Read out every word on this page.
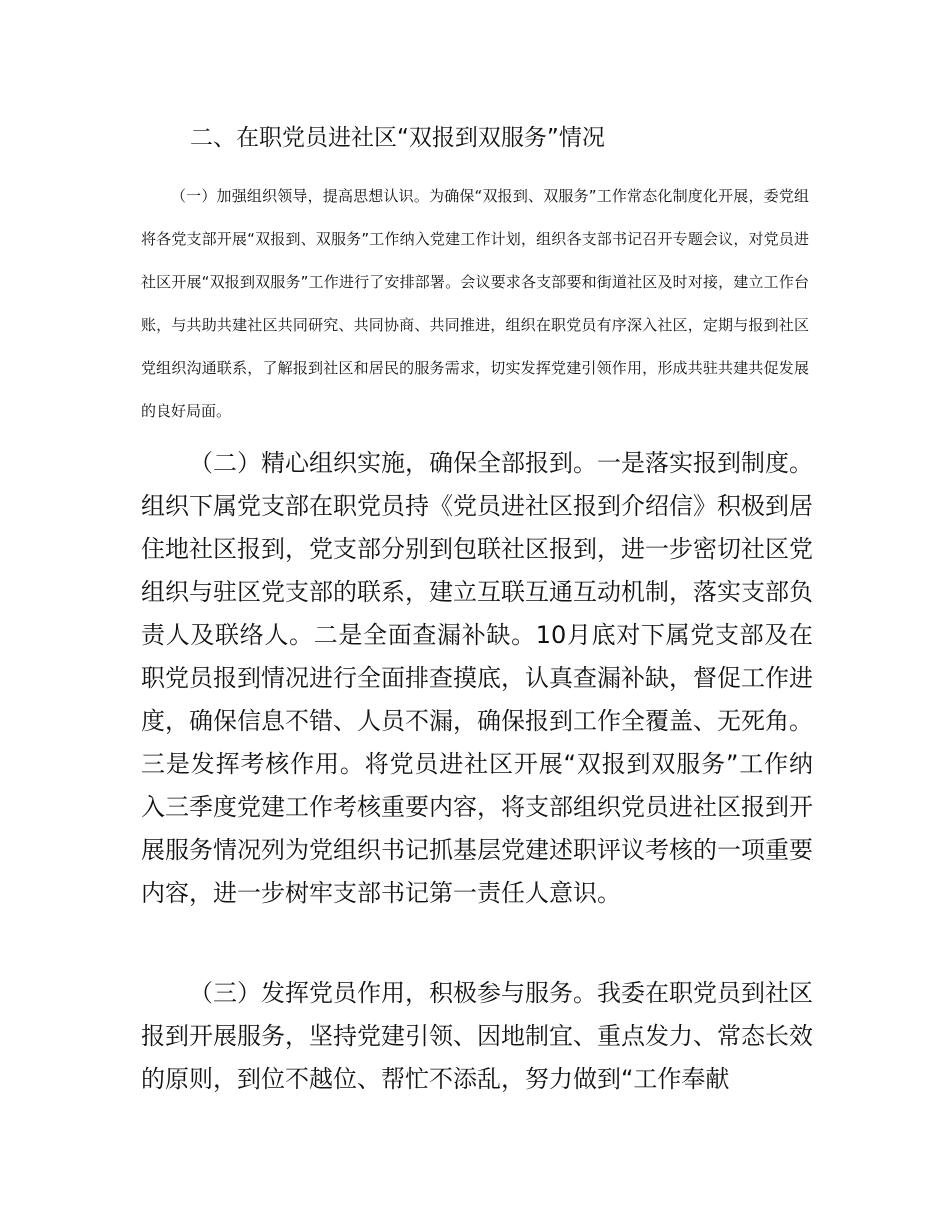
二、在职党员进社区“双报到双服务”情况

（一）加强组织领导，提高思想认识。为确保“双报到、双服务”工作常态化制度化开展，委党组将各党支部开展“双报到、双服务”工作纳入党建工作计划，组织各支部书记召开专题会议，对党员进社区开展“双报到双服务”工作进行了安排部署。会议要求各支部要和街道社区及时对接，建立工作台账，与共助共建社区共同研究、共同协商、共同推进，组织在职党员有序深入社区，定期与报到社区党组织沟通联系，了解报到社区和居民的服务需求，切实发挥党建引领作用，形成共驻共建共促发展的良好局面。

（二）精心组织实施，确保全部报到。一是落实报到制度。组织下属党支部在职党员持《党员进社区报到介绍信》积极到居住地社区报到，党支部分别到包联社区报到，进一步密切社区党组织与驻区党支部的联系，建立互联互通互动机制，落实支部负责人及联络人。二是全面查漏补缺。10月底对下属党支部及在职党员报到情况进行全面排查摸底，认真查漏补缺，督促工作进度，确保信息不错、人员不漏，确保报到工作全覆盖、无死角。三是发挥考核作用。将党员进社区开展“双报到双服务”工作纳入三季度党建工作考核重要内容，将支部组织党员进社区报到开展服务情况列为党组织书记抓基层党建述职评议考核的一项重要内容，进一步树牢支部书记第一责任人意识。

（三）发挥党员作用，积极参与服务。我委在职党员到社区报到开展服务，坚持党建引领、因地制宜、重点发力、常态长效的原则，到位不越位、帮忙不添乱，努力做到“工作奉献
